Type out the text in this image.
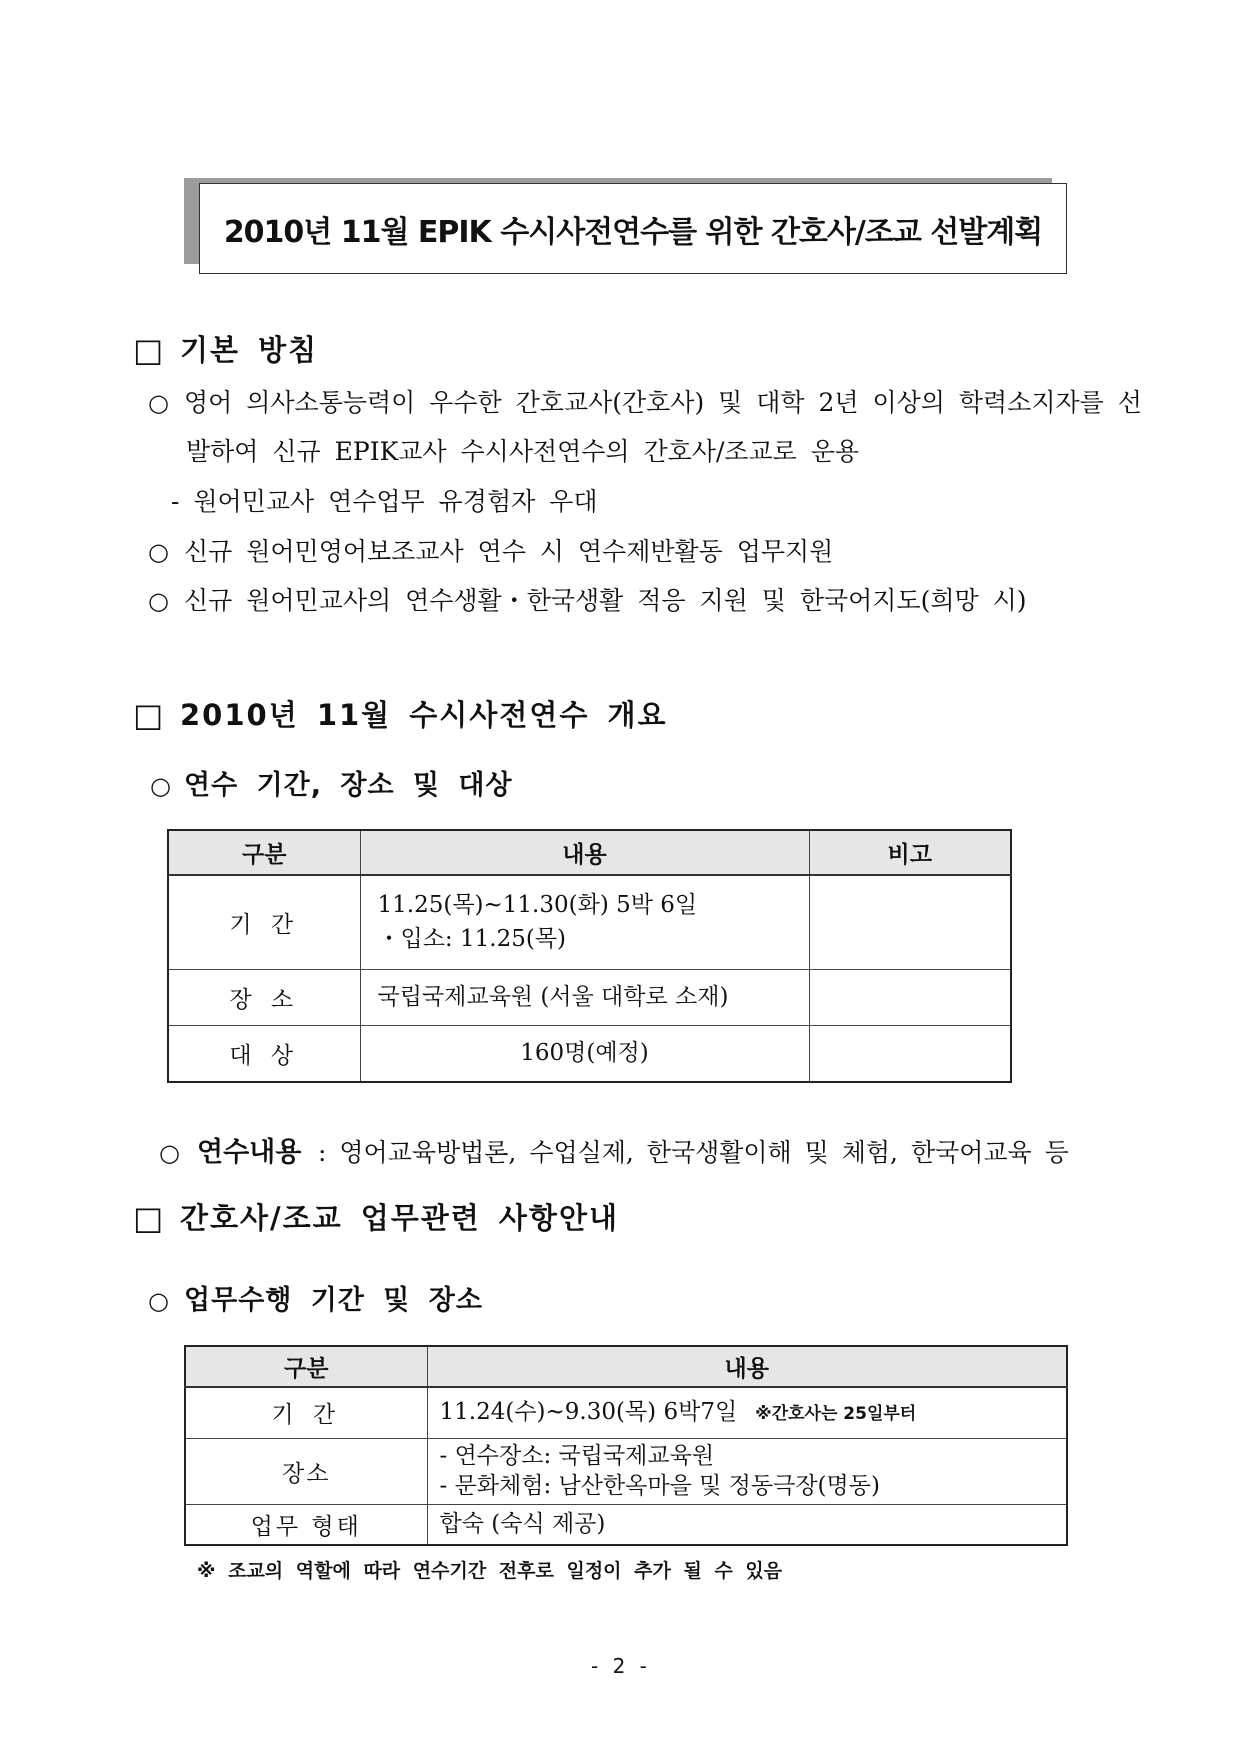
2010년 11월 EPIK 수시사전연수를 위한 간호사/조교 선발계획
□ 기본 방침
○ 영어 의사소통능력이 우수한 간호교사(간호사) 및 대학 2년 이상의 학력소지자를 선
발하여 신규 EPIK교사 수시사전연수의 간호사/조교로 운용
- 원어민교사 연수업무 유경험자 우대
○ 신규 원어민영어보조교사 연수 시 연수제반활동 업무지원
○ 신규 원어민교사의 연수생활・한국생활 적응 지원 및 한국어지도(희망 시)
□ 2010년 11월 수시사전연수 개요
○ 연수 기간, 장소 및 대상
구분	내용	비고
기 간	11.25(목)~11.30(화) 5박 6일
・입소: 11.25(목)	

장 소	국립국제교육원 (서울 대학로 소재)	

대 상	160명(예정)	

○ 연수내용 : 영어교육방법론, 수업실제, 한국생활이해 및 체험, 한국어교육 등
□ 간호사/조교 업무관련 사항안내
○ 업무수행 기간 및 장소
구분	내용
기 간	11.24(수)~9.30(목) 6박7일 ※간호사는 25일부터

장소	- 연수장소: 국립국제교육원
- 문화체험: 남산한옥마을 및 정동극장(명동)

업무 형태	합숙 (숙식 제공)
※ 조교의 역할에 따라 연수기간 전후로 일정이 추가 될 수 있음
- 2 -
